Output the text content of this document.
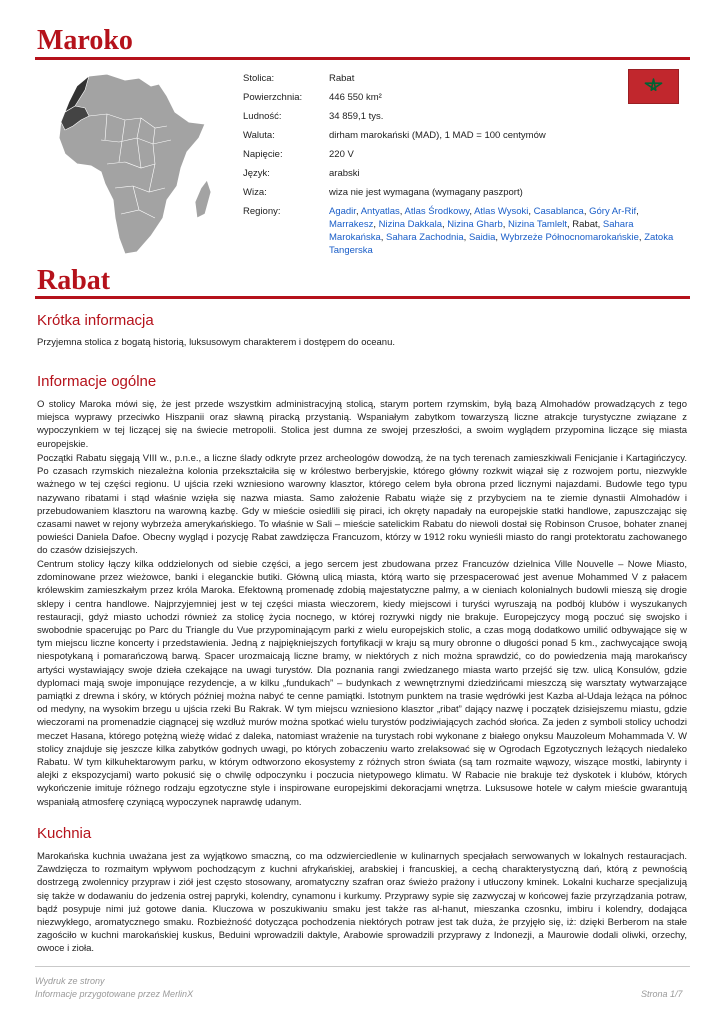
Maroko
Stolica:	Rabat
Powierzchnia:	446 550 km²
Ludność:	34 859,1 tys.
Waluta:	dirham marokański (MAD), 1 MAD = 100 centymów
Napięcie:	220 V
Język:	arabski
Wiza:	wiza nie jest wymagana (wymagany paszport)
Regiony:	Agadir, Antyatlas, Atlas Środkowy, Atlas Wysoki, Casablanca, Góry Ar-Rif, Marrakesz, Nizina Dakkala, Nizina Gharb, Nizina Tamlelt, Rabat, Sahara Marokańska, Sahara Zachodnia, Saidia, Wybrzeże Północnomarokańskie, Zatoka Tangerska
Rabat
Krótka informacja

Przyjemna stolica z bogatą historią, luksusowym charakterem i dostępem do oceanu.

Informacje ogólne

O stolicy Maroka mówi się, że jest przede wszystkim administracyjną stolicą, starym portem rzymskim, byłą bazą Almohadów prowadzących z tego miejsca wyprawy przeciwko Hiszpanii oraz sławną piracką przystanią. Wspaniałym zabytkom towarzyszą liczne atrakcje turystyczne związane z wypoczynkiem w tej liczącej się na świecie metropolii. Stolica jest dumna ze swojej przeszłości, a swoim wyglądem przypomina liczące się miasta europejskie.

Początki Rabatu sięgają VIII w., p.n.e., a liczne ślady odkryte przez archeologów dowodzą, że na tych terenach zamieszkiwali Fenicjanie i Kartagińczycy. Po czasach rzymskich niezależna kolonia przekształciła się w królestwo berberyjskie, którego główny rozkwit wiązał się z rozwojem portu, niezwykle ważnego w tej części regionu. U ujścia rzeki wzniesiono warowny klasztor, którego celem była obrona przed licznymi najazdami. Budowle tego typu nazywano ribatami i stąd właśnie wzięła się nazwa miasta. Samo założenie Rabatu wiąże się z przybyciem na te ziemie dynastii Almohadów i przebudowaniem klasztoru na warowną kazbę. Gdy w mieście osiedlili się piraci, ich okręty napadały na europejskie statki handlowe, zapuszczając się czasami nawet w rejony wybrzeża amerykańskiego. To właśnie w Sali – mieście satelickim Rabatu do niewoli dostał się Robinson Crusoe, bohater znanej powieści Daniela Dafoe. Obecny wygląd i pozycję Rabat zawdzięcza Francuzom, którzy w 1912 roku wynieśli miasto do rangi protektoratu zachowanego do czasów dzisiejszych.

Centrum stolicy łączy kilka oddzielonych od siebie części, a jego sercem jest zbudowana przez Francuzów dzielnica Ville Nouvelle – Nowe Miasto, zdominowane przez wieżowce, banki i eleganckie butiki. Główną ulicą miasta, którą warto się przespacerować jest avenue Mohammed V z pałacem królewskim zamieszkałym przez króla Maroka. Efektowną promenadę zdobią majestatyczne palmy, a w cieniach kolonialnych budowli mieszą się drogie sklepy i centra handlowe. Najprzyjemniej jest w tej części miasta wieczorem, kiedy miejscowi i turyści wyruszają na podbój klubów i wyszukanych restauracji, gdyż miasto uchodzi również za stolicę życia nocnego, w której rozrywki nigdy nie brakuje. Europejczycy mogą poczuć się swojsko i swobodnie spacerując po Parc du Triangle du Vue przypominającym parki z wielu europejskich stolic, a czas mogą dodatkowo umilić odbywające się w tym miejscu liczne koncerty i przedstawienia. Jedną z najpiękniejszych fortyfikacji w kraju są mury obronne o długości ponad 5 km., zachwycające swoją niespotykaną i pomarańczową barwą. Spacer urozmaicają liczne bramy, w niektórych z nich można sprawdzić, co do powiedzenia mają marokańscy artyści wystawiający swoje dzieła czekające na uwagi turystów. Dla poznania rangi zwiedzanego miasta warto przejść się tzw. ulicą Konsulów, gdzie dyplomaci mają swoje imponujące rezydencje, a w kilku „fundukach” – budynkach z wewnętrznymi dziedzińcami mieszczą się warsztaty wytwarzające pamiątki z drewna i skóry, w których później można nabyć te cenne pamiątki. Istotnym punktem na trasie wędrówki jest Kazba al-Udaja leżąca na północ od medyny, na wysokim brzegu u ujścia rzeki Bu Rakrak. W tym miejscu wzniesiono klasztor „ribat” dający nazwę i początek dzisiejszemu miastu, gdzie wieczorami na promenadzie ciągnącej się wzdłuż murów można spotkać wielu turystów podziwiających zachód słońca. Za jeden z symboli stolicy uchodzi meczet Hasana, którego potężną wieżę widać z daleka, natomiast wrażenie na turystach robi wykonane z białego onyksu Mauzoleum Mohammada V. W stolicy znajduje się jeszcze kilka zabytków godnych uwagi, po których zobaczeniu warto zrelaksować się w Ogrodach Egzotycznych leżących niedaleko Rabatu. W tym kilkuhektarowym parku, w którym odtworzono ekosystemy z różnych stron świata (są tam rozmaite wąwozy, wiszące mostki, labirynty i alejki z ekspozycjami) warto pokusić się o chwilę odpoczynku i poczucia nietypowego klimatu. W Rabacie nie brakuje też dyskotek i klubów, których wykończenie imituje różnego rodzaju egzotyczne style i inspirowane europejskimi dekoracjami wnętrza. Luksusowe hotele w całym mieście gwarantują wspaniałą atmosferę czyniącą wypoczynek naprawdę udanym.

Kuchnia

Marokańska kuchnia uważana jest za wyjątkowo smaczną, co ma odzwierciedlenie w kulinarnych specjałach serwowanych w lokalnych restauracjach. Zawdzięcza to rozmaitym wpływom pochodzącym z kuchni afrykańskiej, arabskiej i francuskiej, a cechą charakterystyczną dań, którą z pewnością dostrzegą zwolennicy przypraw i ziół jest często stosowany, aromatyczny szafran oraz świeżo prażony i utłuczony kminek. Lokalni kucharze specjalizują się także w dodawaniu do jedzenia ostrej papryki, kolendry, cynamonu i kurkumy. Przyprawy sypie się zazwyczaj w końcowej fazie przyrządzania potraw, bądź posypuje nimi już gotowe dania. Kluczowa w poszukiwaniu smaku jest także ras al-hanut, mieszanka czosnku, imbiru i kolendry, dodająca niezwykłego, aromatycznego smaku. Rozbieżność dotycząca pochodzenia niektórych potraw jest tak duża, że przyjęło się, iż: dzięki Berberom na stałe zagościło w kuchni marokańskiej kuskus, Beduini wprowadzili daktyle, Arabowie sprowadzili przyprawy z Indonezji, a Maurowie dodali oliwki, orzechy, owoce i zioła.

Wydruk ze strony
Informacje przygotowane przez MerlinX	Strona 1/7
